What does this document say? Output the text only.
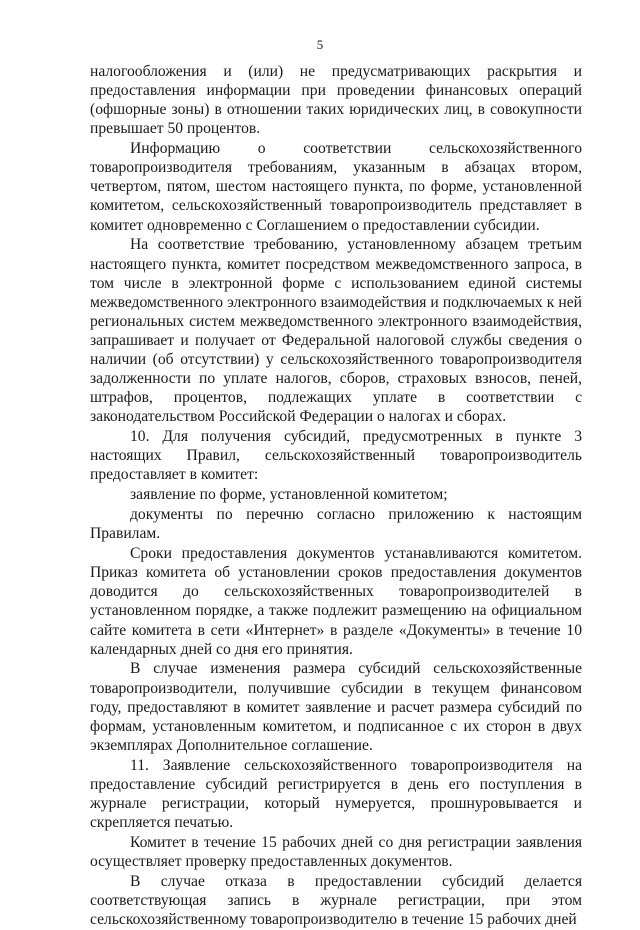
5

налогообложения и (или) не предусматривающих раскрытия и предоставления информации при проведении финансовых операций (офшорные зоны) в отношении таких юридических лиц, в совокупности превышает 50 процентов.

Информацию о соответствии сельскохозяйственного товаропроизводителя требованиям, указанным в абзацах втором, четвертом, пятом, шестом настоящего пункта, по форме, установленной комитетом, сельскохозяйственный товаропроизводитель представляет в комитет одновременно с Соглашением о предоставлении субсидии.

На соответствие требованию, установленному абзацем третьим настоящего пункта, комитет посредством межведомственного запроса, в том числе в электронной форме с использованием единой системы межведомственного электронного взаимодействия и подключаемых к ней региональных систем межведомственного электронного взаимодействия, запрашивает и получает от Федеральной налоговой службы сведения о наличии (об отсутствии) у сельскохозяйственного товаропроизводителя задолженности по уплате налогов, сборов, страховых взносов, пеней, штрафов, процентов, подлежащих уплате в соответствии с законодательством Российской Федерации о налогах и сборах.

10. Для получения субсидий, предусмотренных в пункте 3 настоящих Правил, сельскохозяйственный товаропроизводитель предоставляет в комитет:

заявление по форме, установленной комитетом;

документы по перечню согласно приложению к настоящим Правилам.

Сроки предоставления документов устанавливаются комитетом. Приказ комитета об установлении сроков предоставления документов доводится до сельскохозяйственных товаропроизводителей в установленном порядке, а также подлежит размещению на официальном сайте комитета в сети «Интернет» в разделе «Документы» в течение 10 календарных дней со дня его принятия.

В случае изменения размера субсидий сельскохозяйственные товаропроизводители, получившие субсидии в текущем финансовом году, предоставляют в комитет заявление и расчет размера субсидий по формам, установленным комитетом, и подписанное с их сторон в двух экземплярах Дополнительное соглашение.

11. Заявление сельскохозяйственного товаропроизводителя на предоставление субсидий регистрируется в день его поступления в журнале регистрации, который нумеруется, прошнуровывается и скрепляется печатью.

Комитет в течение 15 рабочих дней со дня регистрации заявления осуществляет проверку предоставленных документов.

В случае отказа в предоставлении субсидий делается соответствующая запись в журнале регистрации, при этом сельскохозяйственному товаропроизводителю в течение 15 рабочих дней
